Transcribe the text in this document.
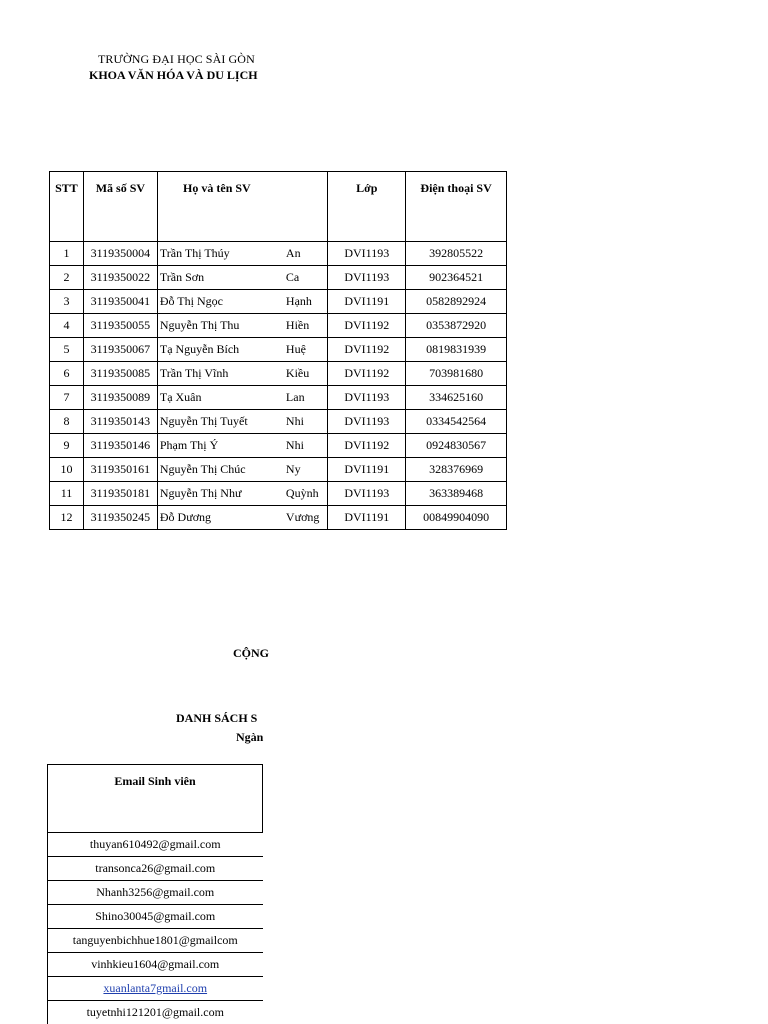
TRƯỜNG ĐẠI HỌC SÀI GÒN
KHOA VĂN HÓA VÀ DU LỊCH
STT	Mã số SV	Họ và tên SV		Lớp	Điện thoại SV
1	3119350004	Trần Thị Thúy	An	DVI1193	392805522
2	3119350022	Trần Sơn	Ca	DVI1193	902364521
3	3119350041	Đỗ Thị Ngọc	Hạnh	DVI1191	0582892924
4	3119350055	Nguyễn Thị Thu	Hiền	DVI1192	0353872920
5	3119350067	Tạ Nguyễn Bích	Huệ	DVI1192	0819831939
6	3119350085	Trần Thị Vĩnh	Kiều	DVI1192	703981680
7	3119350089	Tạ Xuân	Lan	DVI1193	334625160
8	3119350143	Nguyễn Thị Tuyết	Nhi	DVI1193	0334542564
9	3119350146	Phạm Thị Ý	Nhi	DVI1192	0924830567
10	3119350161	Nguyễn Thị Chúc	Ny	DVI1191	328376969
11	3119350181	Nguyễn Thị Như	Quỳnh	DVI1193	363389468
12	3119350245	Đỗ Dương	Vương	DVI1191	00849904090
CỘNG
DANH SÁCH S
Ngàn
Email Sinh viên
thuyan610492@gmail.com
transonca26@gmail.com
Nhanh3256@gmail.com
Shino30045@gmail.com
tanguyenbichhue1801@gmailcom
vinhkieu1604@gmail.com
xuanlanta7gmail.com
tuyetnhi121201@gmail.com
